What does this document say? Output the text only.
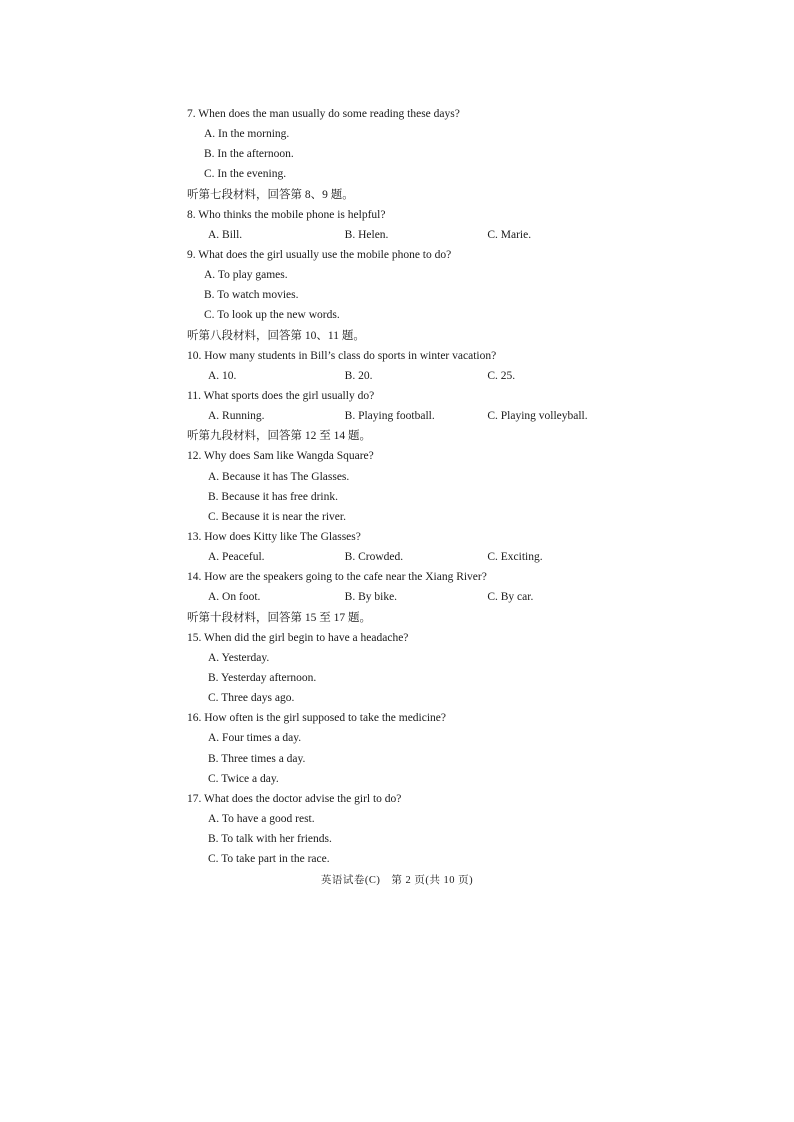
7. When does the man usually do some reading these days?
A. In the morning.
B. In the afternoon.
C. In the evening.
听第七段材料，回答第 8、9 题。
8. Who thinks the mobile phone is helpful?
A. Bill.	B. Helen.	C. Marie.
9. What does the girl usually use the mobile phone to do?
A. To play games.
B. To watch movies.
C. To look up the new words.
听第八段材料，回答第 10、11 题。
10. How many students in Bill’s class do sports in winter vacation?
A. 10.	B. 20.	C. 25.
11. What sports does the girl usually do?
A. Running.	B. Playing football.	C. Playing volleyball.
听第九段材料，回答第 12 至 14 题。
12. Why does Sam like Wangda Square?
A. Because it has The Glasses.
B. Because it has free drink.
C. Because it is near the river.
13. How does Kitty like The Glasses?
A. Peaceful.	B. Crowded.	C. Exciting.
14. How are the speakers going to the cafe near the Xiang River?
A. On foot.	B. By bike.	C. By car.
听第十段材料，回答第 15 至 17 题。
15. When did the girl begin to have a headache?
A. Yesterday.
B. Yesterday afternoon.
C. Three days ago.
16. How often is the girl supposed to take the medicine?
A. Four times a day.
B. Three times a day.
C. Twice a day.
17. What does the doctor advise the girl to do?
A. To have a good rest.
B. To talk with her friends.
C. To take part in the race.
英语试卷(C)　第 2 页(共 10 页)
